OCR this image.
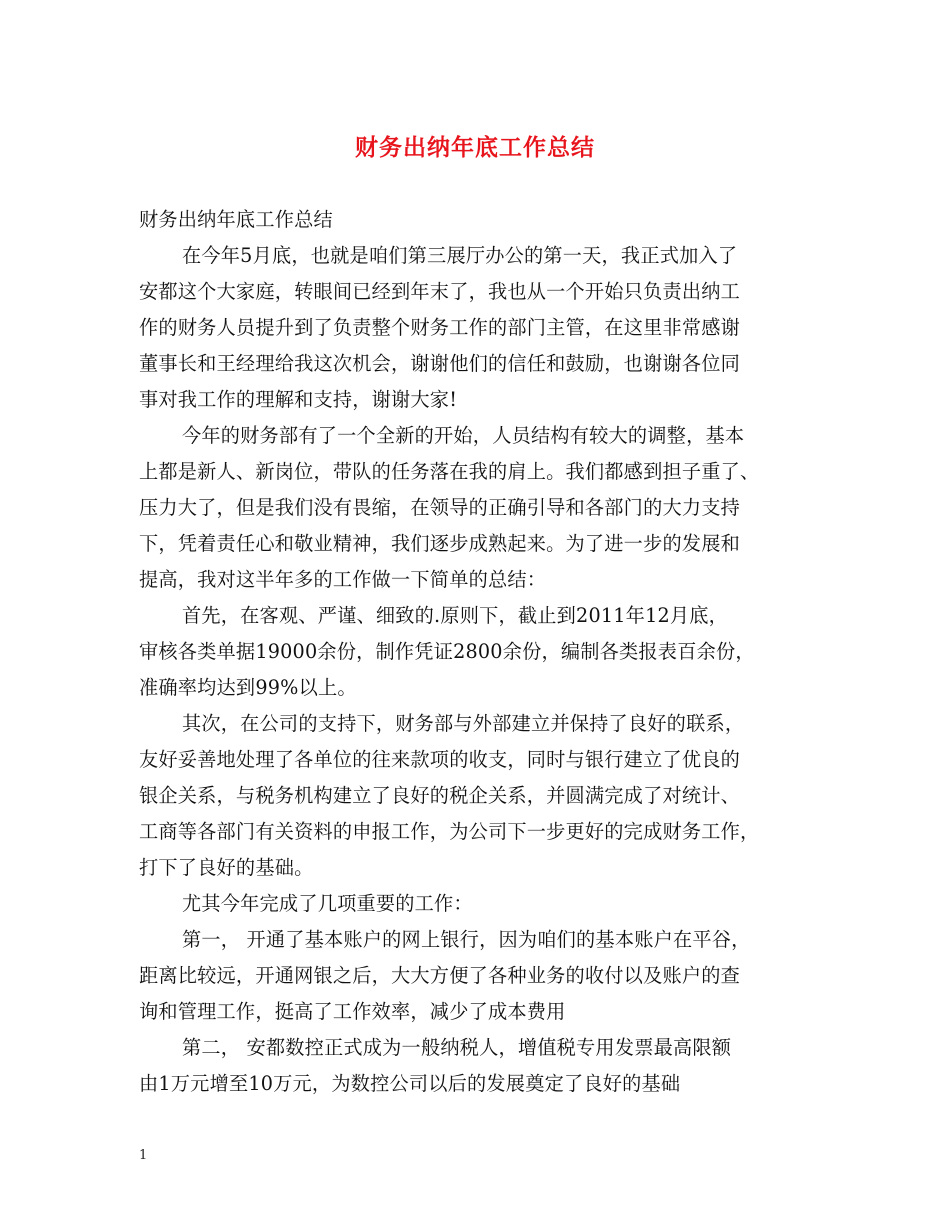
财务出纳年底工作总结
财务出纳年底工作总结
在今年5月底，也就是咱们第三展厅办公的第一天，我正式加入了
安都这个大家庭，转眼间已经到年末了，我也从一个开始只负责出纳工
作的财务人员提升到了负责整个财务工作的部门主管，在这里非常感谢
董事长和王经理给我这次机会，谢谢他们的信任和鼓励，也谢谢各位同
事对我工作的理解和支持，谢谢大家!
今年的财务部有了一个全新的开始，人员结构有较大的调整，基本
上都是新人、新岗位，带队的任务落在我的肩上。我们都感到担子重了、
压力大了，但是我们没有畏缩，在领导的正确引导和各部门的大力支持
下，凭着责任心和敬业精神，我们逐步成熟起来。为了进一步的发展和
提高，我对这半年多的工作做一下简单的总结：
首先，在客观、严谨、细致的.原则下，截止到2011年12月底，
审核各类单据19000余份，制作凭证2800余份，编制各类报表百余份，
准确率均达到99%以上。
其次，在公司的支持下，财务部与外部建立并保持了良好的联系，
友好妥善地处理了各单位的往来款项的收支，同时与银行建立了优良的
银企关系，与税务机构建立了良好的税企关系，并圆满完成了对统计、
工商等各部门有关资料的申报工作，为公司下一步更好的完成财务工作，
打下了良好的基础。
尤其今年完成了几项重要的工作：
第一， 开通了基本账户的网上银行，因为咱们的基本账户在平谷，
距离比较远，开通网银之后，大大方便了各种业务的收付以及账户的查
询和管理工作，挺高了工作效率，减少了成本费用
第二， 安都数控正式成为一般纳税人，增值税专用发票最高限额
由1万元增至10万元，为数控公司以后的发展奠定了良好的基础
1
